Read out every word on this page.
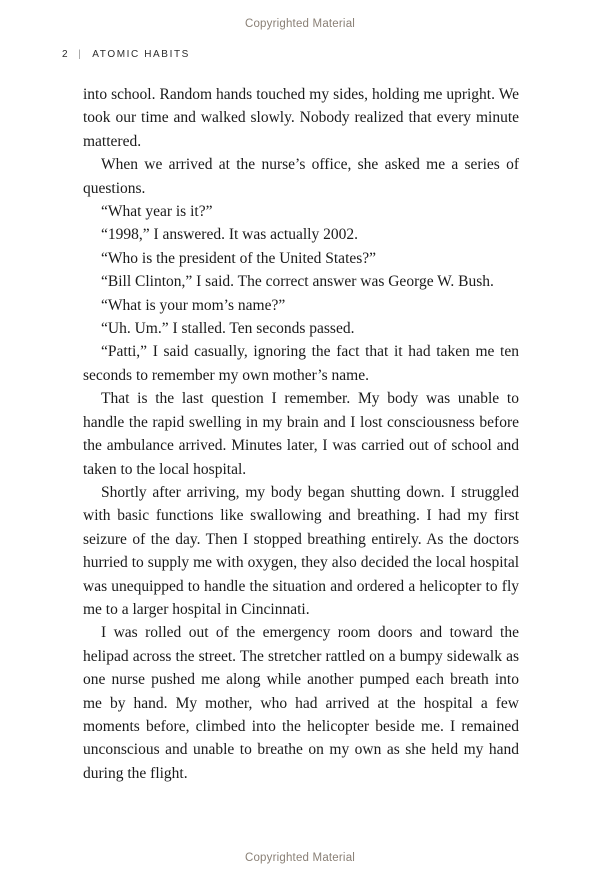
Copyrighted Material
2 | ATOMIC HABITS

into school. Random hands touched my sides, holding me upright. We took our time and walked slowly. Nobody realized that every minute mattered.

When we arrived at the nurse’s office, she asked me a series of questions.

“What year is it?”

“1998,” I answered. It was actually 2002.

“Who is the president of the United States?”

“Bill Clinton,” I said. The correct answer was George W. Bush.

“What is your mom’s name?”

“Uh. Um.” I stalled. Ten seconds passed.

“Patti,” I said casually, ignoring the fact that it had taken me ten seconds to remember my own mother’s name.

That is the last question I remember. My body was unable to handle the rapid swelling in my brain and I lost consciousness before the ambulance arrived. Minutes later, I was carried out of school and taken to the local hospital.

Shortly after arriving, my body began shutting down. I struggled with basic functions like swallowing and breathing. I had my first seizure of the day. Then I stopped breathing entirely. As the doctors hurried to supply me with oxygen, they also decided the local hospital was unequipped to handle the situation and ordered a helicopter to fly me to a larger hospital in Cincinnati.

I was rolled out of the emergency room doors and toward the helipad across the street. The stretcher rattled on a bumpy sidewalk as one nurse pushed me along while another pumped each breath into me by hand. My mother, who had arrived at the hospital a few moments before, climbed into the helicopter beside me. I remained unconscious and unable to breathe on my own as she held my hand during the flight.

Copyrighted Material
